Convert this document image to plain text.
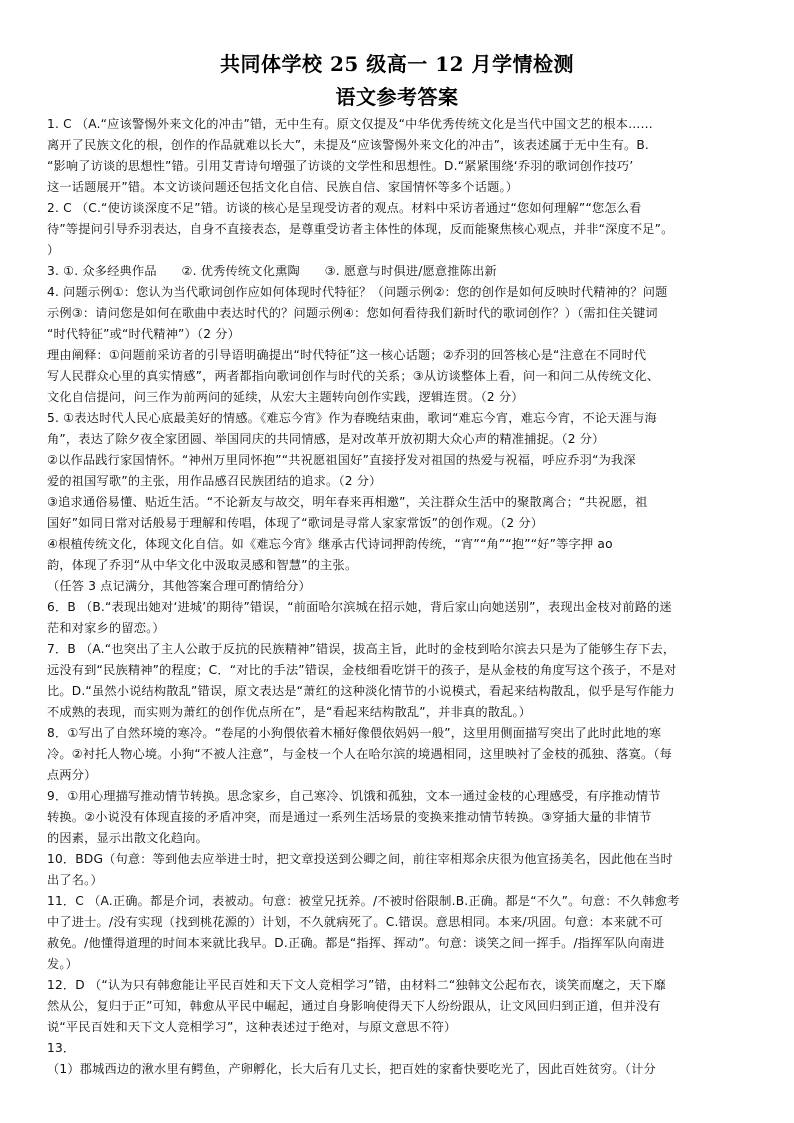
共同体学校 25 级高一 12 月学情检测
语文参考答案
1. C （A.“应该警惕外来文化的冲击”错，无中生有。原文仅提及“中华优秀传统文化是当代中国文艺的根本……
离开了民族文化的根，创作的作品就难以长大”，未提及“应该警惕外来文化的冲击”，该表述属于无中生有。B.
“影响了访谈的思想性”错。引用艾青诗句增强了访谈的文学性和思想性。D.“紧紧围绕‘乔羽的歌词创作技巧’
这一话题展开”错。本文访谈问题还包括文化自信、民族自信、家国情怀等多个话题。）
2. C （C.“使访谈深度不足”错。访谈的核心是呈现受访者的观点。材料中采访者通过“您如何理解”“您怎么看
待”等提问引导乔羽表达，自身不直接表态，是尊重受访者主体性的体现，反而能聚焦核心观点，并非“深度不足”。
）
3. ①. 众多经典作品　　②. 优秀传统文化熏陶　　③. 愿意与时俱进/愿意推陈出新
4. 问题示例①：您认为当代歌词创作应如何体现时代特征？（问题示例②：您的创作是如何反映时代精神的？问题
示例③：请问您是如何在歌曲中表达时代的？问题示例④：您如何看待我们新时代的歌词创作？）（需扣住关键词
“时代特征”或“时代精神”）（2 分）
理由阐释：①问题前采访者的引导语明确提出“时代特征”这一核心话题；②乔羽的回答核心是“注意在不同时代
写人民群众心里的真实情感”，两者都指向歌词创作与时代的关系；③从访谈整体上看，问一和问二从传统文化、
文化自信提问，问三作为前两问的延续，从宏大主题转向创作实践，逻辑连贯。（2 分）
5. ①表达时代人民心底最美好的情感。《难忘今宵》作为春晚结束曲，歌词“难忘今宵，难忘今宵，不论天涯与海
角”，表达了除夕夜全家团圆、举国同庆的共同情感，是对改革开放初期大众心声的精准捕捉。（2 分）
②以作品践行家国情怀。“神州万里同怀抱”“共祝愿祖国好”直接抒发对祖国的热爱与祝福，呼应乔羽“为我深
爱的祖国写歌”的主张，用作品感召民族团结的追求。（2 分）
③追求通俗易懂、贴近生活。“不论新友与故交，明年春来再相邀”，关注群众生活中的聚散离合；“共祝愿，祖
国好”如同日常对话般易于理解和传唱，体现了“歌词是寻常人家家常饭”的创作观。（2 分）
④根植传统文化，体现文化自信。如《难忘今宵》继承古代诗词押韵传统，“宵”“角”“抱”“好”等字押 ao
韵，体现了乔羽“从中华文化中汲取灵感和智慧”的主张。
（任答 3 点记满分，其他答案合理可酌情给分）
6．B （B.“表现出她对‘进城’的期待”错误，“前面哈尔滨城在招示她，背后家山向她送别”，表现出金枝对前路的迷
茫和对家乡的留恋。）
7．B （A.“也突出了主人公敢于反抗的民族精神”错误，拔高主旨，此时的金枝到哈尔滨去只是为了能够生存下去，
远没有到“民族精神”的程度；C．“对比的手法”错误，金枝细看吃饼干的孩子，是从金枝的角度写这个孩子，不是对
比。D.“虽然小说结构散乱”错误，原文表达是“萧红的这种淡化情节的小说模式，看起来结构散乱，似乎是写作能力
不成熟的表现，而实则为萧红的创作优点所在”，是“看起来结构散乱”，并非真的散乱。）
8．①写出了自然环境的寒冷。“卷尾的小狗偎依着木桶好像偎依妈妈一般”，这里用侧面描写突出了此时此地的寒
冷。②衬托人物心境。小狗“不被人注意”，与金枝一个人在哈尔滨的境遇相同，这里映衬了金枝的孤独、落寞。（每
点两分）
9．①用心理描写推动情节转换。思念家乡，自己寒冷、饥饿和孤独，文本一通过金枝的心理感受，有序推动情节
转换。②小说没有体现直接的矛盾冲突，而是通过一系列生活场景的变换来推动情节转换。③穿插大量的非情节
的因素，显示出散文化趋向。
10．BDG（句意：等到他去应举进士时，把文章投送到公卿之间，前往宰相郑余庆很为他宣扬美名，因此他在当时
出了名。）
11．C （A.正确。都是介词，表被动。句意：被堂兄抚养。/不被时俗限制.B.正确。都是“不久”。句意：不久韩愈考
中了进士。/没有实现（找到桃花源的）计划，不久就病死了。C.错误。意思相同。本来/巩固。句意：本来就不可
赦免。/他懂得道理的时间本来就比我早。D.正确。都是“指挥、挥动”。句意：谈笑之间一挥手。/指挥军队向南进
发。）
12．D （“认为只有韩愈能让平民百姓和天下文人竞相学习”错，由材料二“独韩文公起布衣，谈笑而麾之，天下靡
然从公，复归于正”可知，韩愈从平民中崛起，通过自身影响使得天下人纷纷跟从，让文风回归到正道，但并没有
说“平民百姓和天下文人竞相学习”，这种表述过于绝对，与原文意思不符）
13．
（1）郡城西边的湫水里有鳄鱼，产卵孵化，长大后有几丈长，把百姓的家畜快要吃光了，因此百姓贫穷。（计分
